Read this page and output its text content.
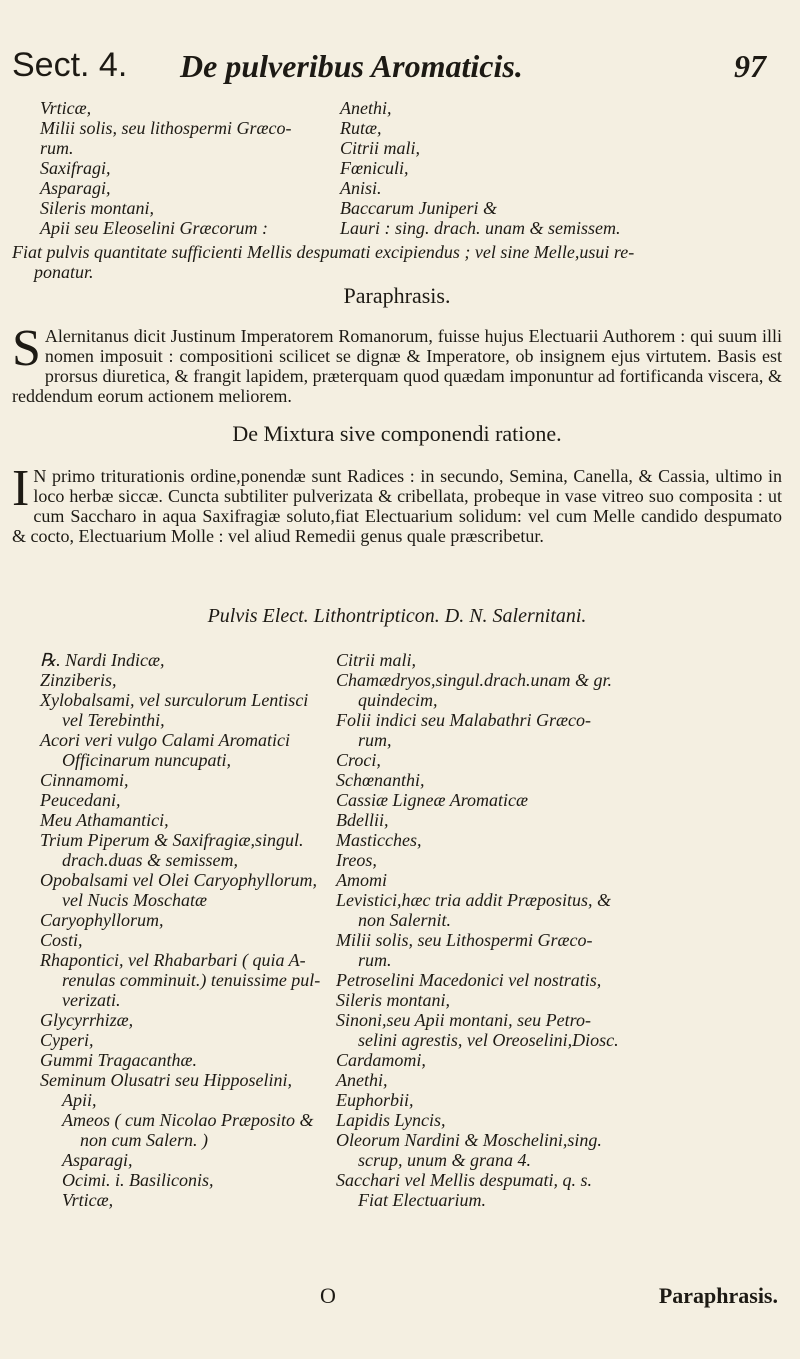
Sect. 4. De pulveribus Aromaticis.	97
Vrticæ,
Milii solis, seu lithospermi Græco-
rum.
Saxifragi,
Asparagi,
Sileris montani,
Apii seu Eleoselini Græcorum :
Anethi,
Rutæ,
Citrii mali,
Fœniculi,
Anisi.
Baccarum Juniperi &
Lauri : sing. drach. unam & semissem.
Fiat pulvis quantitate sufficienti Mellis despumati excipiendus ; vel sine Melle,usui re-
ponatur.
Paraphrasis.
S Alernitanus dicit Justinum Imperatorem Romanorum, fuisse hujus Electuarii Authorem : qui suum illi nomen imposuit : compositioni scilicet se dignæ & Imperatore, ob insignem ejus virtutem. Basis est prorsus diuretica, & frangit lapidem, præterquam quod quædam imponuntur ad fortificanda viscera, & reddendum eorum actionem meliorem.
De Mixtura sive componendi ratione.
I N primo triturationis ordine,ponendæ sunt Radices : in secundo, Semina, Canella, & Cassia, ultimo in loco herbæ siccæ. Cuncta subtiliter pulverizata & cribellata, probeque in vase vitreo suo composita : ut cum Saccharo in aqua Saxifragiæ soluto,fiat Electuarium solidum: vel cum Melle candido despumato & cocto, Electuarium Molle : vel aliud Remedii genus quale præscribetur.
Pulvis Elect. Lithontripticon. D. N. Salernitani.
℞. Nardi Indicæ,
Zinziberis,
Xylobalsami, vel surculorum Lentisci
vel Terebinthi,
Acori veri vulgo Calami Aromatici
Officinarum nuncupati,
Cinnamomi,
Peucedani,
Meu Athamantici,
Trium Piperum & Saxifragiæ,singul.
drach.duas & semissem,
Opobalsami vel Olei Caryophyllorum,
vel Nucis Moschatæ
Caryophyllorum,
Costi,
Rhapontici, vel Rhabarbari ( quia A-
renulas comminuit.) tenuissime pul-
verizati.
Glycyrrhizæ,
Cyperi,
Gummi Tragacanthæ.
Seminum Olusatri seu Hipposelini,
Apii,
Ameos ( cum Nicolao Præposito &
non cum Salern. )
Asparagi,
Ocimi. i. Basiliconis,
Vrticæ,
Citrii mali,
Chamædryos,singul.drach.unam & gr.
quindecim,
Folii indici seu Malabathri Græco-
rum,
Croci,
Schœnanthi,
Cassiæ Ligneæ Aromaticæ
Bdellii,
Masticches,
Ireos,
Amomi
Levistici,hæc tria addit Præpositus, &
non Salernit.
Milii solis, seu Lithospermi Græco-
rum.
Petroselini Macedonici vel nostratis,
Sileris montani,
Sinoni,seu Apii montani, seu Petro-
selini agrestis, vel Oreoselini,Diosc.
Cardamomi,
Anethi,
Euphorbii,
Lapidis Lyncis,
Oleorum Nardini & Moschelini,sing.
scrup, unum & grana 4.
Sacchari vel Mellis despumati, q. s.
Fiat Electuarium.
O	Paraphrasis.
